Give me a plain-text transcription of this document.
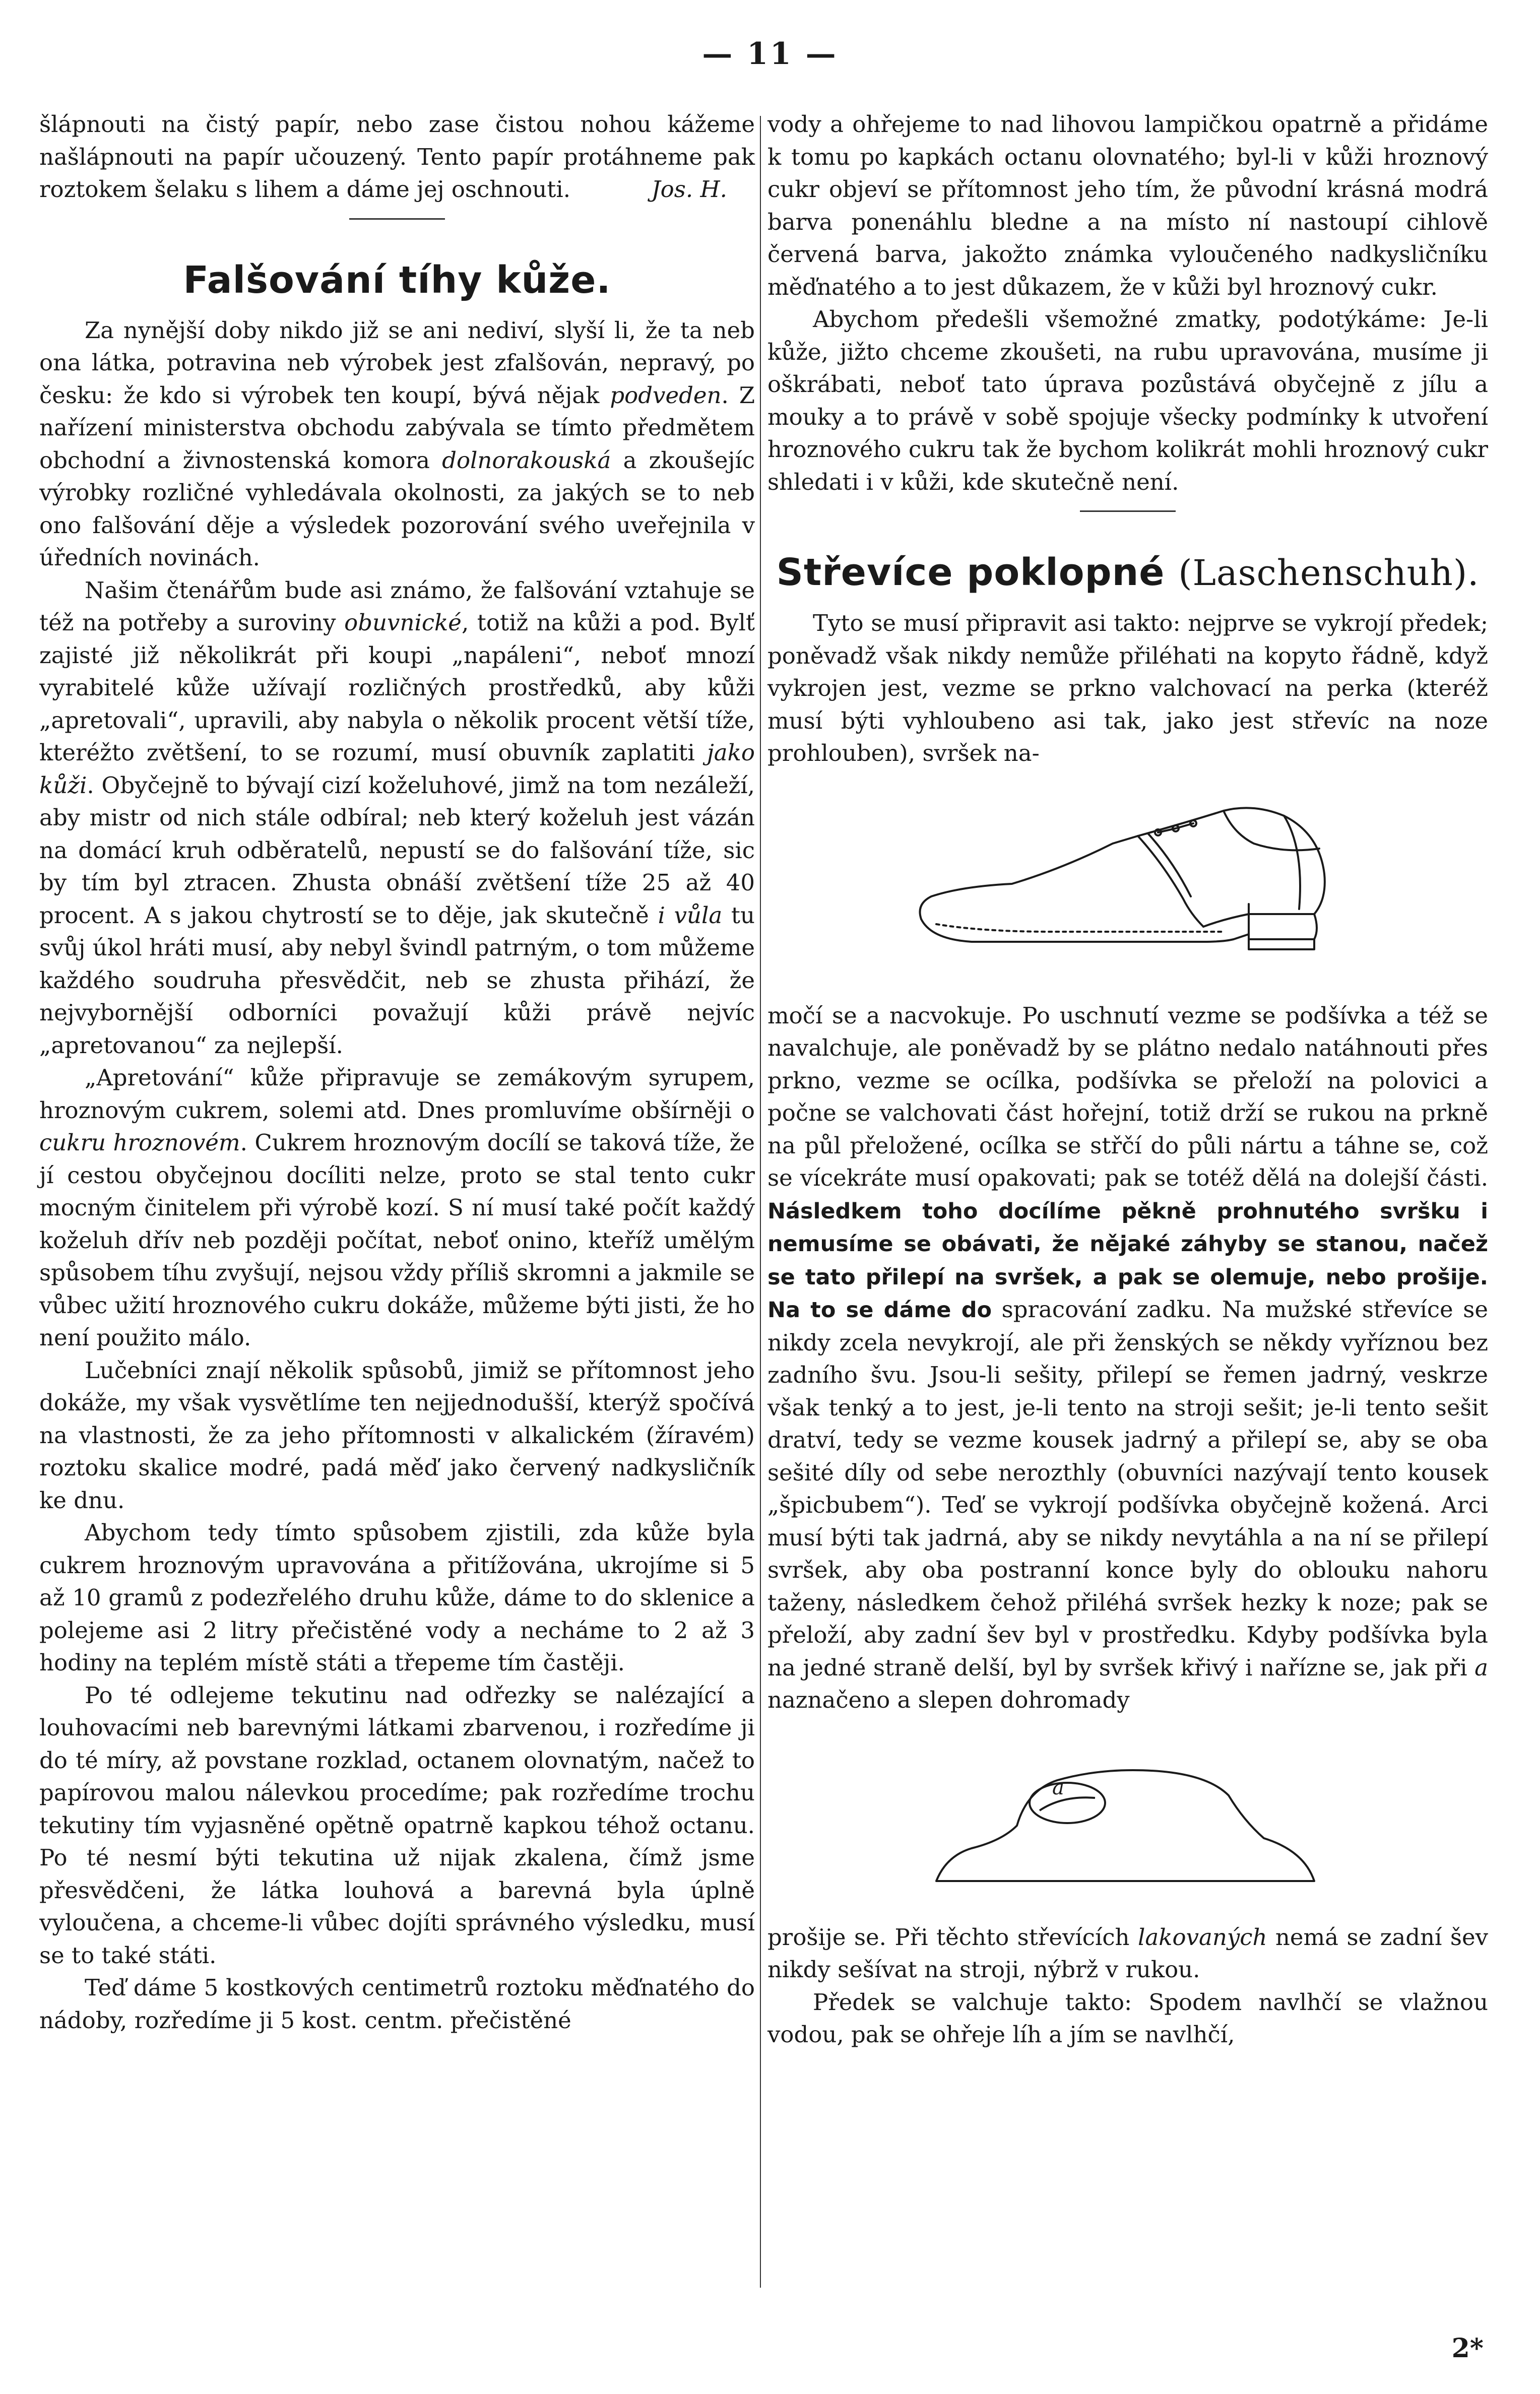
— 11 —

šlápnouti na čistý papír, nebo zase čistou nohou kážeme našlápnouti na papír učouzený. Tento papír protáhneme pak roztokem šelaku s lihem a dáme jej oschnouti.	Jos. H.
Falšování tíhy kůže.

Za nynější doby nikdo již se ani nediví, slyší li, že ta neb ona látka, potravina neb výrobek jest zfalšován, nepravý, po česku: že kdo si výrobek ten koupí, bývá nějak podveden. Z nařízení ministerstva obchodu zabývala se tímto předmětem obchodní a živnostenská komora dolnorakouská a zkoušejíc výrobky rozličné vyhledávala okolnosti, za jakých se to neb ono falšování děje a výsledek pozorování svého uveřejnila v úředních novinách.

Našim čtenářům bude asi známo, že falšování vztahuje se též na potřeby a suroviny obuvnické, totiž na kůži a pod. Bylť zajisté již několikrát při koupi „napáleni“, neboť mnozí vyrabitelé kůže užívají rozličných prostředků, aby kůži „apretovali“, upravili, aby nabyla o několik procent větší tíže, kteréžto zvětšení, to se rozumí, musí obuvník zaplatiti jako kůži. Obyčejně to bývají cizí koželuhové, jimž na tom nezáleží, aby mistr od nich stále odbíral; neb který koželuh jest vázán na domácí kruh odběratelů, nepustí se do falšování tíže, sic by tím byl ztracen. Zhusta obnáší zvětšení tíže 25 až 40 procent. A s jakou chytrostí se to děje, jak skutečně i vůla tu svůj úkol hráti musí, aby nebyl švindl patrným, o tom můžeme každého soudruha přesvědčit, neb se zhusta přihází, že nejvybornější odborníci považují kůži právě nejvíc „apretovanou“ za nejlepší.

„Apretování“ kůže připravuje se zemákovým syrupem, hroznovým cukrem, solemi atd. Dnes promluvíme obšírněji o cukru hroznovém. Cukrem hroznovým docílí se taková tíže, že jí cestou obyčejnou docíliti nelze, proto se stal tento cukr mocným činitelem při výrobě kozí. S ní musí také počít každý koželuh dřív neb později počítat, neboť onino, kteříž umělým spůsobem tíhu zvyšují, nejsou vždy příliš skromni a jakmile se vůbec užití hroznového cukru dokáže, můžeme býti jisti, že ho není použito málo.

Lučebníci znají několik spůsobů, jimiž se přítomnost jeho dokáže, my však vysvětlíme ten nejjednodušší, kterýž spočívá na vlastnosti, že za jeho přítomnosti v alkalickém (žíravém) roztoku skalice modré, padá měď jako červený nadkysličník ke dnu.

Abychom tedy tímto spůsobem zjistili, zda kůže byla cukrem hroznovým upravována a přitížována, ukrojíme si 5 až 10 gramů z podezřelého druhu kůže, dáme to do sklenice a polejeme asi 2 litry přečistěné vody a necháme to 2 až 3 hodiny na teplém místě státi a třepeme tím častěji.

Po té odlejeme tekutinu nad odřezky se nalézající a louhovacími neb barevnými látkami zbarvenou, i rozředíme ji do té míry, až povstane rozklad, octanem olovnatým, načež to papírovou malou nálevkou procedíme; pak rozředíme trochu tekutiny tím vyjasněné opětně opatrně kapkou téhož octanu. Po té nesmí býti tekutina už nijak zkalena, čímž jsme přesvědčeni, že látka louhová a barevná byla úplně vyloučena, a chceme-li vůbec dojíti správného výsledku, musí se to také státi.

Teď dáme 5 kostkových centimetrů roztoku měďnatého do nádoby, rozředíme ji 5 kost. centm. přečistěné

vody a ohřejeme to nad lihovou lampičkou opatrně a přidáme k tomu po kapkách octanu olovnatého; byl-li v kůži hroznový cukr objeví se přítomnost jeho tím, že původní krásná modrá barva ponenáhlu bledne a na místo ní nastoupí cihlově červená barva, jakožto známka vyloučeného nadkysličníku měďnatého a to jest důkazem, že v kůži byl hroznový cukr.

Abychom předešli všemožné zmatky, podotýkáme: Je-li kůže, jižto chceme zkoušeti, na rubu upravována, musíme ji oškrábati, neboť tato úprava pozůstává obyčejně z jílu a mouky a to právě v sobě spojuje všecky podmínky k utvoření hroznového cukru tak že bychom kolikrát mohli hroznový cukr shledati i v kůži, kde skutečně není.

Střevíce poklopné (Laschenschuh).

Tyto se musí připravit asi takto: nejprve se vykrojí předek; poněvadž však nikdy nemůže přiléhati na kopyto řádně, když vykrojen jest, vezme se prkno valchovací na perka (kteréž musí býti vyhloubeno asi tak, jako jest střevíc na noze prohlouben), svršek na-

močí se a nacvokuje. Po uschnutí vezme se podšívka a též se navalchuje, ale poněvadž by se plátno nedalo natáhnouti přes prkno, vezme se ocílka, podšívka se přeloží na polovici a počne se valchovati část hořejní, totiž drží se rukou na prkně na půl přeložené, ocílka se střčí do půli nártu a táhne se, což se vícekráte musí opakovati; pak se totéž dělá na dolejší části. Následkem toho docílíme pěkně prohnutého svršku i nemusíme se obávati, že nějaké záhyby se stanou, načež se tato přilepí na svršek, a pak se olemuje, nebo prošije. Na to se dáme do spracování zadku. Na mužské střevíce se nikdy zcela nevykrojí, ale při ženských se někdy vyříznou bez zadního švu. Jsou-li sešity, přilepí se řemen jadrný, veskrze však tenký a to jest, je-li tento na stroji sešit; je-li tento sešit dratví, tedy se vezme kousek jadrný a přilepí se, aby se oba sešité díly od sebe nerozthly (obuvníci nazývají tento kousek „špicbubem“). Teď se vykrojí podšívka obyčejně kožená. Arci musí býti tak jadrná, aby se nikdy nevytáhla a na ní se přilepí svršek, aby oba postranní konce byly do oblouku nahoru taženy, následkem čehož přiléhá svršek hezky k noze; pak se přeloží, aby zadní šev byl v prostředku. Kdyby podšívka byla na jedné straně delší, byl by svršek křivý i nařízne se, jak při a naznačeno a slepen dohromady

a

prošije se. Při těchto střevících lakovaných nemá se zadní šev nikdy sešívat na stroji, nýbrž v rukou.

Předek se valchuje takto: Spodem navlhčí se vlažnou vodou, pak se ohřeje líh a jím se navlhčí,

2*
